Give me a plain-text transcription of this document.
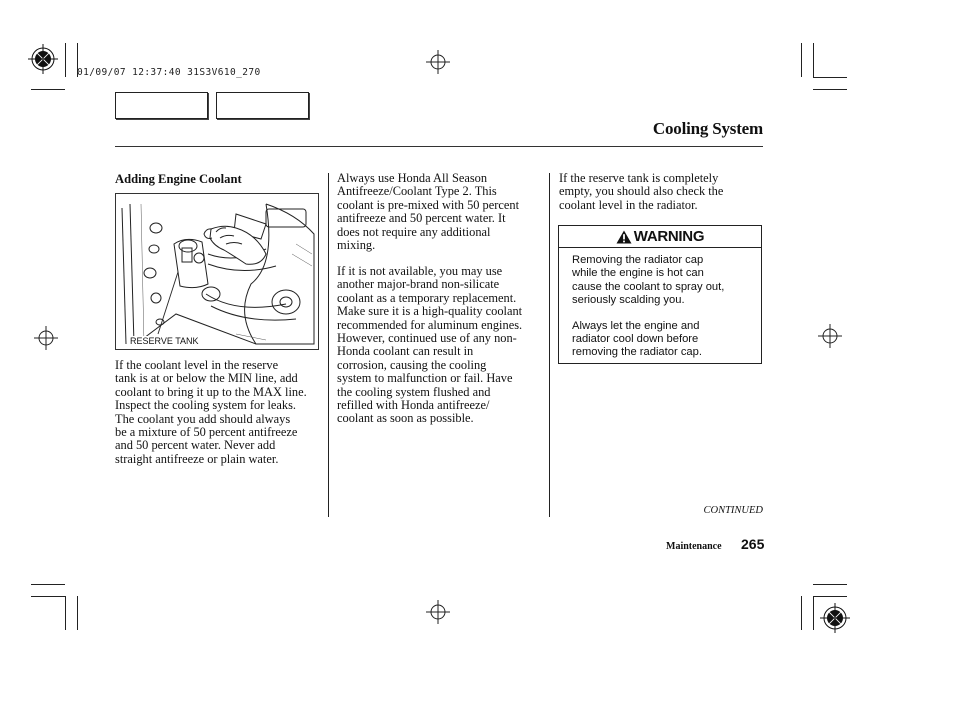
01/09/07 12:37:40 31S3V610_270
Cooling System
Adding Engine Coolant
RESERVE TANK

If the coolant level in the reserve
tank is at or below the MIN line, add
coolant to bring it up to the MAX line.
Inspect the cooling system for leaks.
The coolant you add should always
be a mixture of 50 percent antifreeze
and 50 percent water. Never add
straight antifreeze or plain water.

Always use Honda All Season
Antifreeze/Coolant Type 2. This
coolant is pre-mixed with 50 percent
antifreeze and 50 percent water. It
does not require any additional
mixing.

If it is not available, you may use
another major-brand non-silicate
coolant as a temporary replacement.
Make sure it is a high-quality coolant
recommended for aluminum engines.
However, continued use of any non-
Honda coolant can result in
corrosion, causing the cooling
system to malfunction or fail. Have
the cooling system flushed and
refilled with Honda antifreeze/
coolant as soon as possible.

If the reserve tank is completely
empty, you should also check the
coolant level in the radiator.

WARNING

Removing the radiator cap
while the engine is hot can
cause the coolant to spray out,
seriously scalding you.

Always let the engine and
radiator cool down before
removing the radiator cap.

CONTINUED
Maintenance 265
